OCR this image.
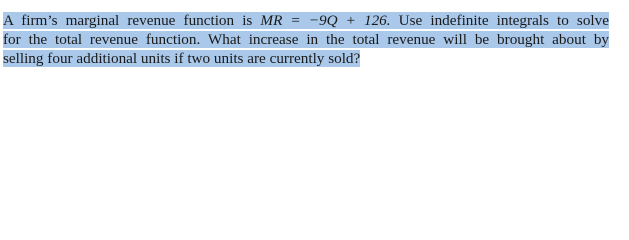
A firm’s marginal revenue function is MR = −9Q + 126. Use indefinite integrals to solve
for the total revenue function. What increase in the total revenue will be brought about by
selling four additional units if two units are currently sold?
